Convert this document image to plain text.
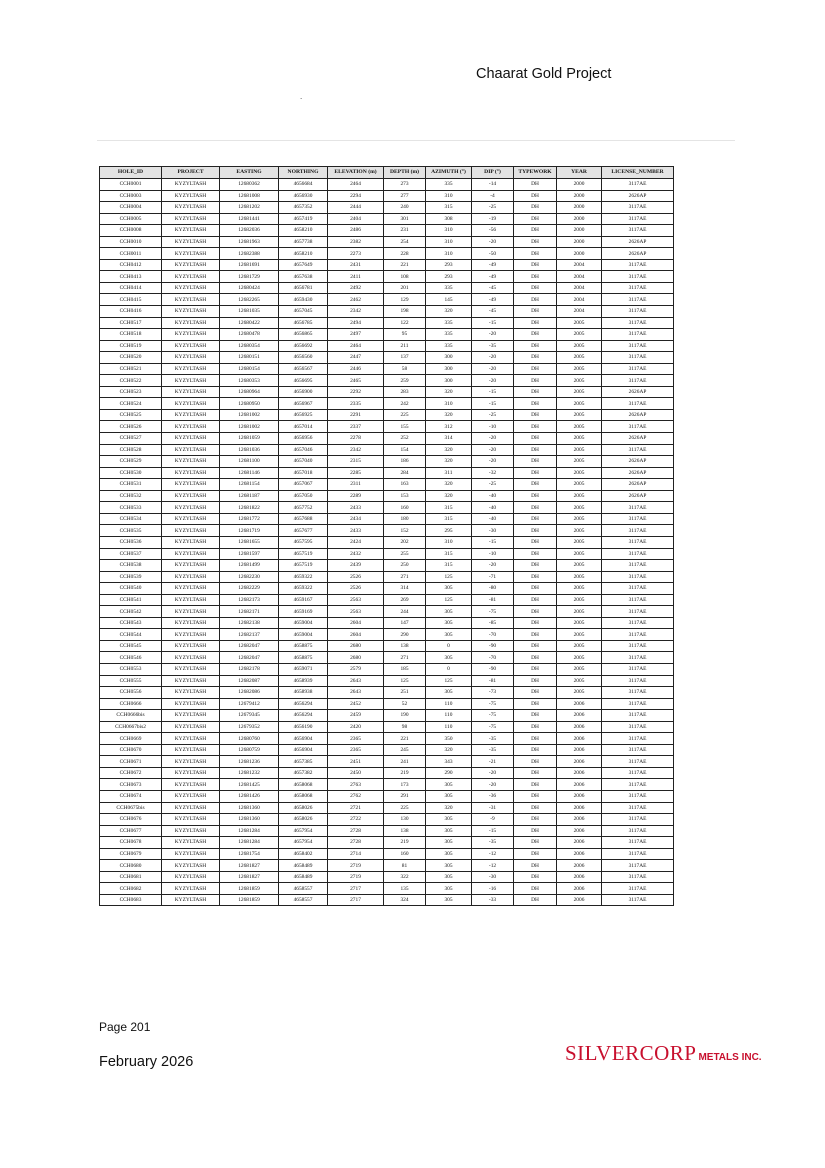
Chaarat Gold Project
.
HOLE_ID	PROJECT	EASTING	NORTHING	ELEVATION (m)	DEPTH (m)	AZIMUTH (°)	DIP (°)	TYPEWORK	YEAR	LICENSE_NUMBER
CCH0001	KYZYLTASH	12680362	4656684	2464	273	335	-14	DH	2000	3117AE
CCH0003	KYZYLTASH	12681008	4656930	2294	277	310	-4	DH	2000	2626AP
CCH0004	KYZYLTASH	12681202	4657352	2444	240	315	-25	DH	2000	3117AE
CCH0005	KYZYLTASH	12681441	4657419	2404	301	308	-19	DH	2000	3117AE
CCH0008	KYZYLTASH	12682036	4658210	2486	231	310	-56	DH	2000	3117AE
CCH0010	KYZYLTASH	12681963	4657738	2382	254	310	-20	DH	2000	2626AP
CCH0011	KYZYLTASH	12682388	4658210	2273	228	310	-50	DH	2000	2626AP
CCH0412	KYZYLTASH	12681691	4657649	2431	221	293	-49	DH	2004	3117AE
CCH0413	KYZYLTASH	12681729	4657638	2411	108	293	-49	DH	2004	3117AE
CCH0414	KYZYLTASH	12680424	4656781	2492	201	335	-45	DH	2004	3117AE
CCH0415	KYZYLTASH	12682265	4659430	2462	129	145	-49	DH	2004	3117AE
CCH0416	KYZYLTASH	12681035	4657045	2342	198	320	-45	DH	2004	3117AE
CCH0517	KYZYLTASH	12680422	4656785	2494	122	335	-15	DH	2005	3117AE
CCH0518	KYZYLTASH	12680478	4656865	2497	95	335	-20	DH	2005	3117AE
CCH0519	KYZYLTASH	12680354	4656692	2464	211	335	-35	DH	2005	3117AE
CCH0520	KYZYLTASH	12680151	4656560	2447	137	300	-20	DH	2005	3117AE
CCH0521	KYZYLTASH	12680154	4656567	2446	58	300	-20	DH	2005	3117AE
CCH0522	KYZYLTASH	12680353	4656695	2465	259	300	-20	DH	2005	3117AE
CCH0523	KYZYLTASH	12680964	4656900	2292	283	320	-15	DH	2005	2626AP
CCH0524	KYZYLTASH	12680950	4656967	2335	242	310	-15	DH	2005	3117AE
CCH0525	KYZYLTASH	12681002	4656925	2291	225	320	-25	DH	2005	2626AP
CCH0526	KYZYLTASH	12681002	4657014	2337	155	312	-10	DH	2005	3117AE
CCH0527	KYZYLTASH	12681059	4656956	2278	252	314	-20	DH	2005	2626AP
CCH0528	KYZYLTASH	12681036	4657046	2342	154	320	-20	DH	2005	3117AE
CCH0529	KYZYLTASH	12681100	4657040	2315	186	320	-20	DH	2005	2626AP
CCH0530	KYZYLTASH	12681146	4657018	2285	284	311	-32	DH	2005	2626AP
CCH0531	KYZYLTASH	12681154	4657067	2311	163	320	-25	DH	2005	2626AP
CCH0532	KYZYLTASH	12681187	4657050	2289	153	320	-40	DH	2005	2626AP
CCH0533	KYZYLTASH	12681822	4657752	2433	160	315	-40	DH	2005	3117AE
CCH0534	KYZYLTASH	12681772	4657688	2434	180	315	-40	DH	2005	3117AE
CCH0535	KYZYLTASH	12681719	4657677	2433	152	295	-30	DH	2005	3117AE
CCH0536	KYZYLTASH	12681655	4657595	2424	202	310	-15	DH	2005	3117AE
CCH0537	KYZYLTASH	12681597	4657519	2432	255	315	-10	DH	2005	3117AE
CCH0538	KYZYLTASH	12681499	4657519	2439	250	315	-20	DH	2005	3117AE
CCH0539	KYZYLTASH	12682230	4659322	2526	271	125	-71	DH	2005	3117AE
CCH0540	KYZYLTASH	12682229	4659322	2526	314	305	-80	DH	2005	3117AE
CCH0541	KYZYLTASH	12682173	4659167	2563	269	125	-81	DH	2005	3117AE
CCH0542	KYZYLTASH	12682171	4659169	2563	244	305	-75	DH	2005	3117AE
CCH0543	KYZYLTASH	12682138	4659004	2604	147	305	-85	DH	2005	3117AE
CCH0544	KYZYLTASH	12682137	4659004	2604	290	305	-70	DH	2005	3117AE
CCH0545	KYZYLTASH	12682047	4658875	2680	138	0	-90	DH	2005	3117AE
CCH0546	KYZYLTASH	12682047	4658875	2680	271	305	-70	DH	2005	3117AE
CCH0553	KYZYLTASH	12682178	4659071	2579	185	0	-90	DH	2005	3117AE
CCH0555	KYZYLTASH	12682087	4658939	2643	125	125	-81	DH	2005	3117AE
CCH0556	KYZYLTASH	12682086	4658938	2643	251	305	-73	DH	2005	3117AE
CCH0666	KYZYLTASH	12679412	4656294	2452	52	110	-75	DH	2006	3117AE
CCH0666bis	KYZYLTASH	12679345	4656294	2459	190	110	-75	DH	2006	3117AE
CCH0667bis2	KYZYLTASH	12679352	4656190	2420	98	110	-75	DH	2006	3117AE
CCH0669	KYZYLTASH	12680760	4656904	2365	221	350	-35	DH	2006	3117AE
CCH0670	KYZYLTASH	12680759	4656904	2365	245	320	-35	DH	2006	3117AE
CCH0671	KYZYLTASH	12681236	4657385	2451	241	343	-21	DH	2006	3117AE
CCH0672	KYZYLTASH	12681232	4657382	2450	219	290	-20	DH	2006	3117AE
CCH0673	KYZYLTASH	12681425	4658068	2763	173	305	-20	DH	2006	3117AE
CCH0674	KYZYLTASH	12681426	4658068	2762	291	305	-36	DH	2006	3117AE
CCH0675bis	KYZYLTASH	12681360	4658026	2721	225	320	-31	DH	2006	3117AE
CCH0676	KYZYLTASH	12681360	4658026	2722	130	305	-9	DH	2006	3117AE
CCH0677	KYZYLTASH	12681284	4657954	2728	138	305	-15	DH	2006	3117AE
CCH0678	KYZYLTASH	12681284	4657954	2728	219	305	-35	DH	2006	3117AE
CCH0679	KYZYLTASH	12681754	4658402	2714	160	305	-12	DH	2006	3117AE
CCH0680	KYZYLTASH	12681827	4658489	2719	81	305	-12	DH	2006	3117AE
CCH0681	KYZYLTASH	12681827	4658489	2719	322	305	-30	DH	2006	3117AE
CCH0682	KYZYLTASH	12681859	4658557	2717	135	305	-16	DH	2006	3117AE
CCH0683	KYZYLTASH	12681859	4658557	2717	324	305	-33	DH	2006	3117AE
Page 201
February 2026	SILVERCORP METALS INC.
